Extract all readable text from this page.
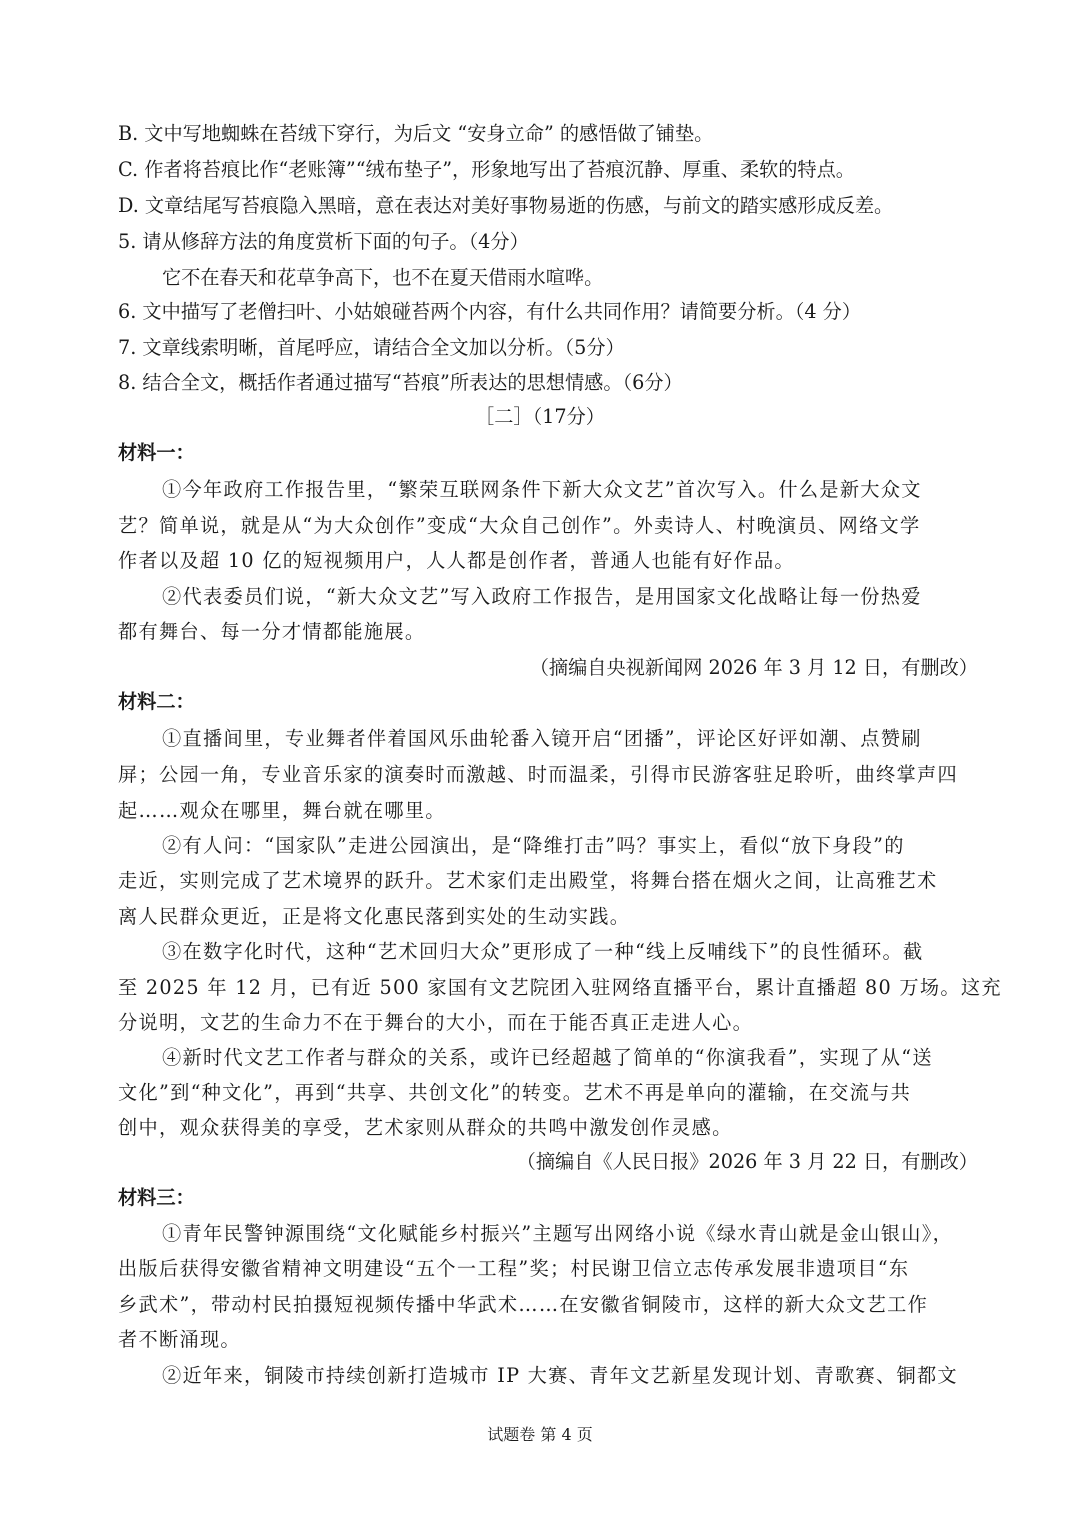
B. 文中写地蜘蛛在苔绒下穿行，为后文 “安身立命” 的感悟做了铺垫。
C. 作者将苔痕比作“老账簿”“绒布垫子”，形象地写出了苔痕沉静、厚重、柔软的特点。
D. 文章结尾写苔痕隐入黑暗，意在表达对美好事物易逝的伤感，与前文的踏实感形成反差。
5. 请从修辞方法的角度赏析下面的句子。（4分）
它不在春天和花草争高下，也不在夏天借雨水喧哗。
6. 文中描写了老僧扫叶、小姑娘碰苔两个内容，有什么共同作用？请简要分析。（4 分）
7. 文章线索明晰，首尾呼应，请结合全文加以分析。（5分）
8. 结合全文，概括作者通过描写“苔痕”所表达的思想情感。（6分）
［二］（17分）
材料一：
①今年政府工作报告里，“繁荣互联网条件下新大众文艺”首次写入。什么是新大众文
艺？简单说，就是从“为大众创作”变成“大众自己创作”。外卖诗人、村晚演员、网络文学
作者以及超 10 亿的短视频用户，人人都是创作者，普通人也能有好作品。
②代表委员们说，“新大众文艺”写入政府工作报告，是用国家文化战略让每一份热爱
都有舞台、每一分才情都能施展。
（摘编自央视新闻网 2026 年 3 月 12 日，有删改）
材料二：
①直播间里，专业舞者伴着国风乐曲轮番入镜开启“团播”，评论区好评如潮、点赞刷
屏；公园一角，专业音乐家的演奏时而激越、时而温柔，引得市民游客驻足聆听，曲终掌声四
起……观众在哪里，舞台就在哪里。
②有人问：“国家队”走进公园演出，是“降维打击”吗？事实上，看似“放下身段”的
走近，实则完成了艺术境界的跃升。艺术家们走出殿堂，将舞台搭在烟火之间，让高雅艺术
离人民群众更近，正是将文化惠民落到实处的生动实践。
③在数字化时代，这种“艺术回归大众”更形成了一种“线上反哺线下”的良性循环。截
至 2025 年 12 月，已有近 500 家国有文艺院团入驻网络直播平台，累计直播超 80 万场。这充
分说明，文艺的生命力不在于舞台的大小，而在于能否真正走进人心。
④新时代文艺工作者与群众的关系，或许已经超越了简单的“你演我看”，实现了从“送
文化”到“种文化”，再到“共享、共创文化”的转变。艺术不再是单向的灌输，在交流与共
创中，观众获得美的享受，艺术家则从群众的共鸣中激发创作灵感。
（摘编自《人民日报》2026 年 3 月 22 日，有删改）
材料三：
①青年民警钟源围绕“文化赋能乡村振兴”主题写出网络小说《绿水青山就是金山银山》，
出版后获得安徽省精神文明建设“五个一工程”奖；村民谢卫信立志传承发展非遗项目“东
乡武术”，带动村民拍摄短视频传播中华武术……在安徽省铜陵市，这样的新大众文艺工作
者不断涌现。
②近年来，铜陵市持续创新打造城市 IP 大赛、青年文艺新星发现计划、青歌赛、铜都文
试题卷 第 4 页
